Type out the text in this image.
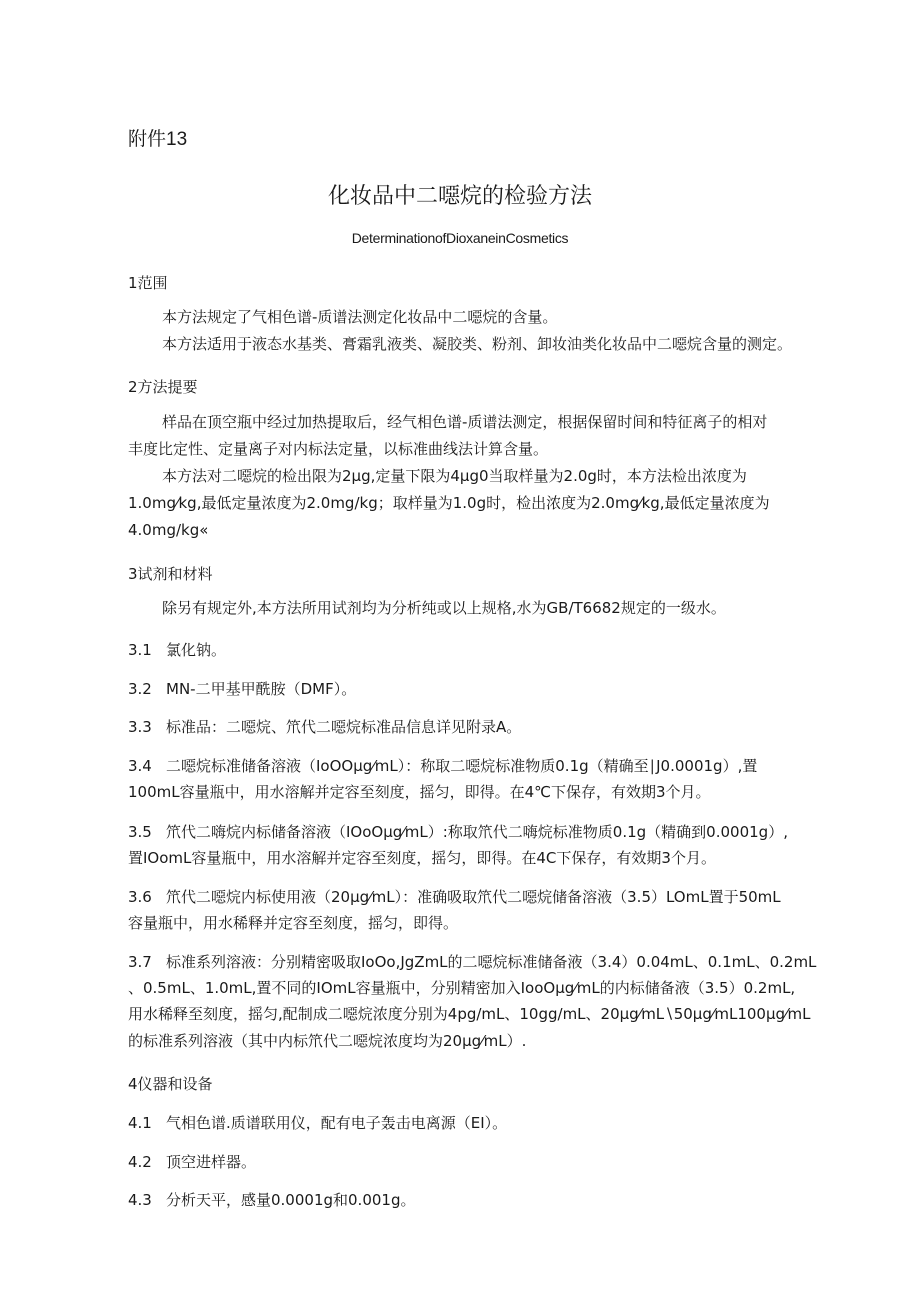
附件13
化妆品中二噁烷的检验方法
DeterminationofDioxaneinCosmetics
1范围
本方法规定了气相色谱-质谱法测定化妆品中二噁烷的含量。
本方法适用于液态水基类、膏霜乳液类、凝胶类、粉剂、卸妆油类化妆品中二噁烷含量的测定。
2方法提要
样品在顶空瓶中经过加热提取后，经气相色谱-质谱法测定，根据保留时间和特征离子的相对
丰度比定性、定量离子对内标法定量，以标准曲线法计算含量。
本方法对二噁烷的检出限为2μg,定量下限为4μg0当取样量为2.0g时，本方法检出浓度为
1.0mg⁄kg,最低定量浓度为2.0mg/kg；取样量为1.0g时，检出浓度为2.0mg⁄kg,最低定量浓度为
4.0mg/kg«
3试剂和材料
除另有规定外,本方法所用试剂均为分析纯或以上规格,水为GB/T6682规定的一级水。
3.1 氯化钠。
3.2 MN-二甲基甲酰胺（DMF）。
3.3 标准品：二噁烷、笊代二噁烷标准品信息详见附录A。
3.4 二噁烷标准储备溶液（IoOOμg⁄mL）：称取二噁烷标准物质0.1g（精确至∣J0.0001g）,置
100mL容量瓶中，用水溶解并定容至刻度，摇匀，即得。在4℃下保存，有效期3个月。
3.5 笊代二嗨烷内标储备溶液（IOoOμg⁄mL）:称取笊代二嗨烷标准物质0.1g（精确到0.0001g）,
置IOomL容量瓶中，用水溶解并定容至刻度，摇匀，即得。在4C下保存，有效期3个月。
3.6 笊代二噁烷内标使用液（20μg⁄mL）：准确吸取笊代二噁烷储备溶液（3.5）LOmL置于50mL
容量瓶中，用水稀释并定容至刻度，摇匀，即得。
3.7 标准系列溶液：分别精密吸取IoOo,JgZmL的二噁烷标准储备液（3.4）0.04mL、0.1mL、0.2mL
、0.5mL、1.0mL,置不同的IOmL容量瓶中，分别精密加入IooOμg⁄mL的内标储备液（3.5）0.2mL,
用水稀释至刻度，摇匀,配制成二噁烷浓度分别为4pg/mL、10gg/mL、20μg⁄mL∖50μg⁄mL100μg⁄mL
的标准系列溶液（其中内标笊代二噁烷浓度均为20μg⁄mL）.
4仪器和设备
4.1 气相色谱.质谱联用仪，配有电子轰击电离源（EI）。
4.2 顶空进样器。
4.3 分析天平，感量0.0001g和0.001g。
